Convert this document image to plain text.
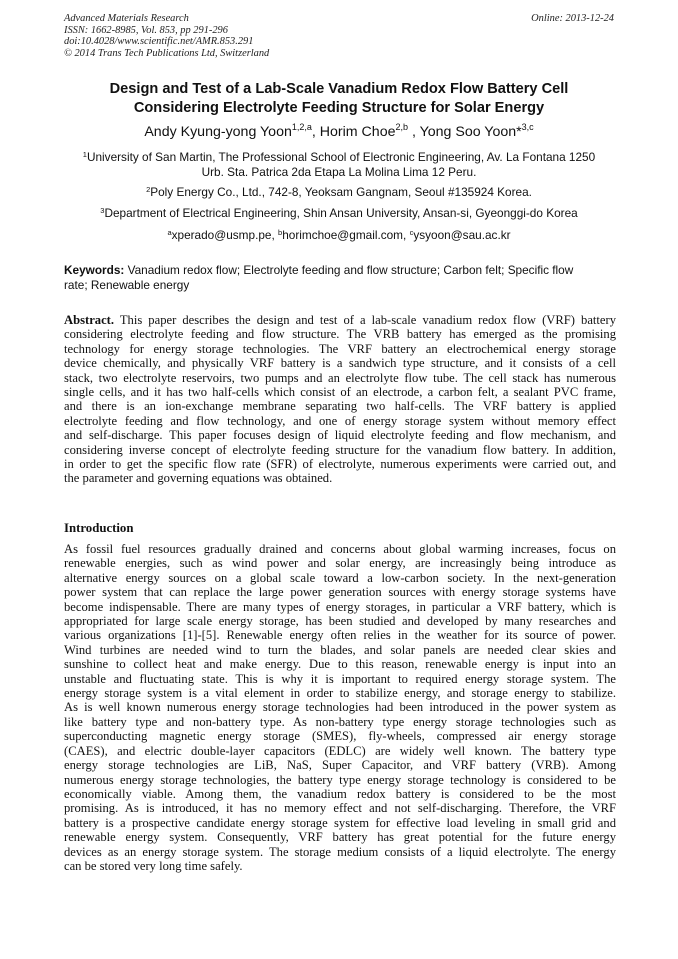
Advanced Materials Research
ISSN: 1662-8985, Vol. 853, pp 291-296
doi:10.4028/www.scientific.net/AMR.853.291
© 2014 Trans Tech Publications Ltd, Switzerland
Online: 2013-12-24
Design and Test of a Lab-Scale Vanadium Redox Flow Battery Cell
Considering Electrolyte Feeding Structure for Solar Energy
Andy Kyung-yong Yoon$^{1,2,a}$, Horim Choe$^{2,b}$ , Yong Soo Yoon*$^{3,c}$
$^1$University of San Martin, The Professional School of Electronic Engineering, Av. La Fontana 1250
Urb. Sta. Patrica 2da Etapa La Molina Lima 12 Peru.
$^2$Poly Energy Co., Ltd., 742-8, Yeoksam Gangnam, Seoul #135924 Korea.
$^3$Department of Electrical Engineering, Shin Ansan University, Ansan-si, Gyeonggi-do Korea
$^a$xperado@usmp.pe, $^b$horimchoe@gmail.com, $^c$ysyoon@sau.ac.kr
Keywords: Vanadium redox flow; Electrolyte feeding and flow structure; Carbon felt; Specific flow
rate; Renewable energy
Abstract. This paper describes the design and test of a lab-scale vanadium redox flow (VRF) battery
considering electrolyte feeding and flow structure. The VRB battery has emerged as the promising
technology for energy storage technologies. The VRF battery an electrochemical energy storage
device chemically, and physically VRF battery is a sandwich type structure, and it consists of a cell
stack, two electrolyte reservoirs, two pumps and an electrolyte flow tube. The cell stack has numerous
single cells, and it has two half-cells which consist of an electrode, a carbon felt, a sealant PVC frame,
and there is an ion-exchange membrane separating two half-cells. The VRF battery is applied
electrolyte feeding and flow technology, and one of energy storage system without memory effect
and self-discharge. This paper focuses design of liquid electrolyte feeding and flow mechanism, and
considering inverse concept of electrolyte feeding structure for the vanadium flow battery. In addition,
in order to get the specific flow rate (SFR) of electrolyte, numerous experiments were carried out, and
the parameter and governing equations was obtained.
Introduction
As fossil fuel resources gradually drained and concerns about global warming increases, focus on
renewable energies, such as wind power and solar energy, are increasingly being introduce as
alternative energy sources on a global scale toward a low-carbon society. In the next-generation
power system that can replace the large power generation sources with energy storage systems have
become indispensable. There are many types of energy storages, in particular a VRF battery, which is
appropriated for large scale energy storage, has been studied and developed by many researches and
various organizations [1]-[5]. Renewable energy often relies in the weather for its source of power.
Wind turbines are needed wind to turn the blades, and solar panels are needed clear skies and
sunshine to collect heat and make energy. Due to this reason, renewable energy is input into an
unstable and fluctuating state. This is why it is important to required energy storage system. The
energy storage system is a vital element in order to stabilize energy, and storage energy to stabilize.
As is well known numerous energy storage technologies had been introduced in the power system as
like battery type and non-battery type. As non-battery type energy storage technologies such as
superconducting magnetic energy storage (SMES), fly-wheels, compressed air energy storage
(CAES), and electric double-layer capacitors (EDLC) are widely well known. The battery type
energy storage technologies are LiB, NaS, Super Capacitor, and VRF battery (VRB). Among
numerous energy storage technologies, the battery type energy storage technology is considered to be
economically viable. Among them, the vanadium redox battery is considered to be the most
promising. As is introduced, it has no memory effect and not self-discharging. Therefore, the VRF
battery is a prospective candidate energy storage system for effective load leveling in small grid and
renewable energy system. Consequently, VRF battery has great potential for the future energy
devices as an energy storage system. The storage medium consists of a liquid electrolyte. The energy
can be stored very long time safely.
